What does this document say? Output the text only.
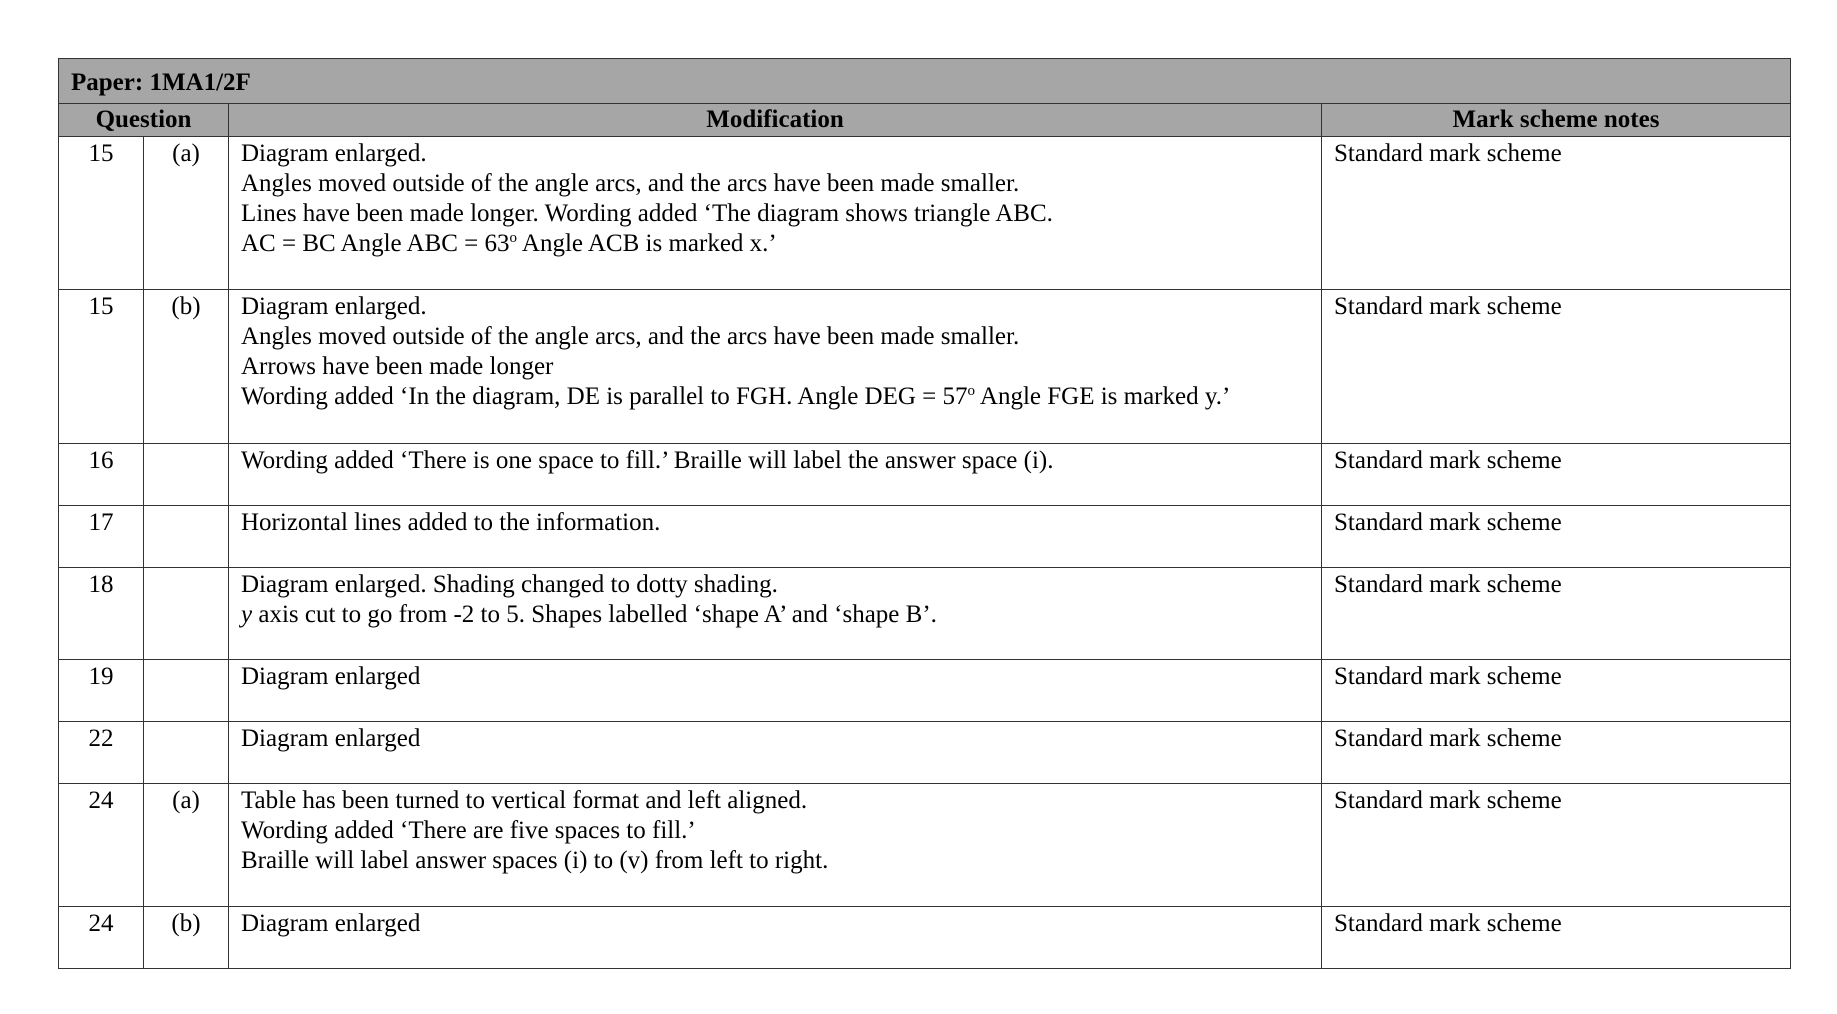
Paper: 1MA1/2F			
Question		Modification	Mark scheme notes
15	(a)	Diagram enlarged.
Angles moved outside of the angle arcs, and the arcs have been made smaller.
Lines have been made longer. Wording added ‘The diagram shows triangle ABC.
AC = BC Angle ABC = $63^o$ Angle ACB is marked x.’	Standard mark scheme
15	(b)	Diagram enlarged.
Angles moved outside of the angle arcs, and the arcs have been made smaller.
Arrows have been made longer
Wording added ‘In the diagram, DE is parallel to FGH. Angle DEG = $57^o$ Angle FGE is marked y.’	Standard mark scheme
16		Wording added ‘There is one space to fill.’ Braille will label the answer space (i).	Standard mark scheme
17		Horizontal lines added to the information.	Standard mark scheme
18		Diagram enlarged. Shading changed to dotty shading.
y axis cut to go from -2 to 5. Shapes labelled ‘shape A’ and ‘shape B’.	Standard mark scheme
19		Diagram enlarged	Standard mark scheme
22		Diagram enlarged	Standard mark scheme
24	(a)	Table has been turned to vertical format and left aligned.
Wording added ‘There are five spaces to fill.’
Braille will label answer spaces (i) to (v) from left to right.	Standard mark scheme
24	(b)	Diagram enlarged	Standard mark scheme
